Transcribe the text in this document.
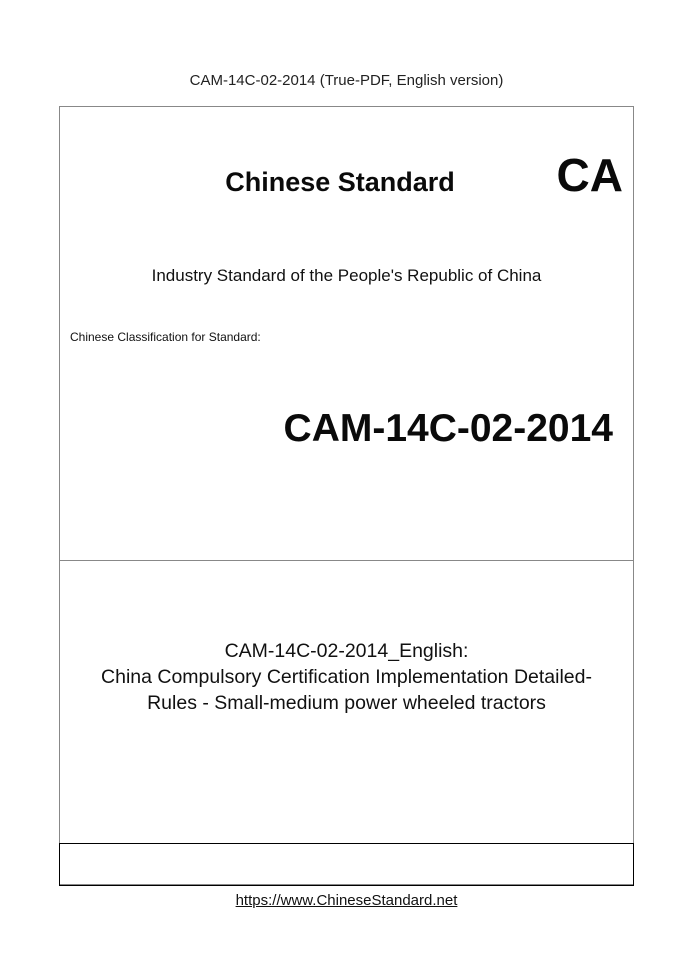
CAM-14C-02-2014 (True-PDF, English version)
Chinese Standard	CA
Industry Standard of the People's Republic of China
Chinese Classification for Standard:
CAM-14C-02-2014
CAM-14C-02-2014_English:
China Compulsory Certification Implementation Detailed-
Rules - Small-medium power wheeled tractors
https://www.ChineseStandard.net
